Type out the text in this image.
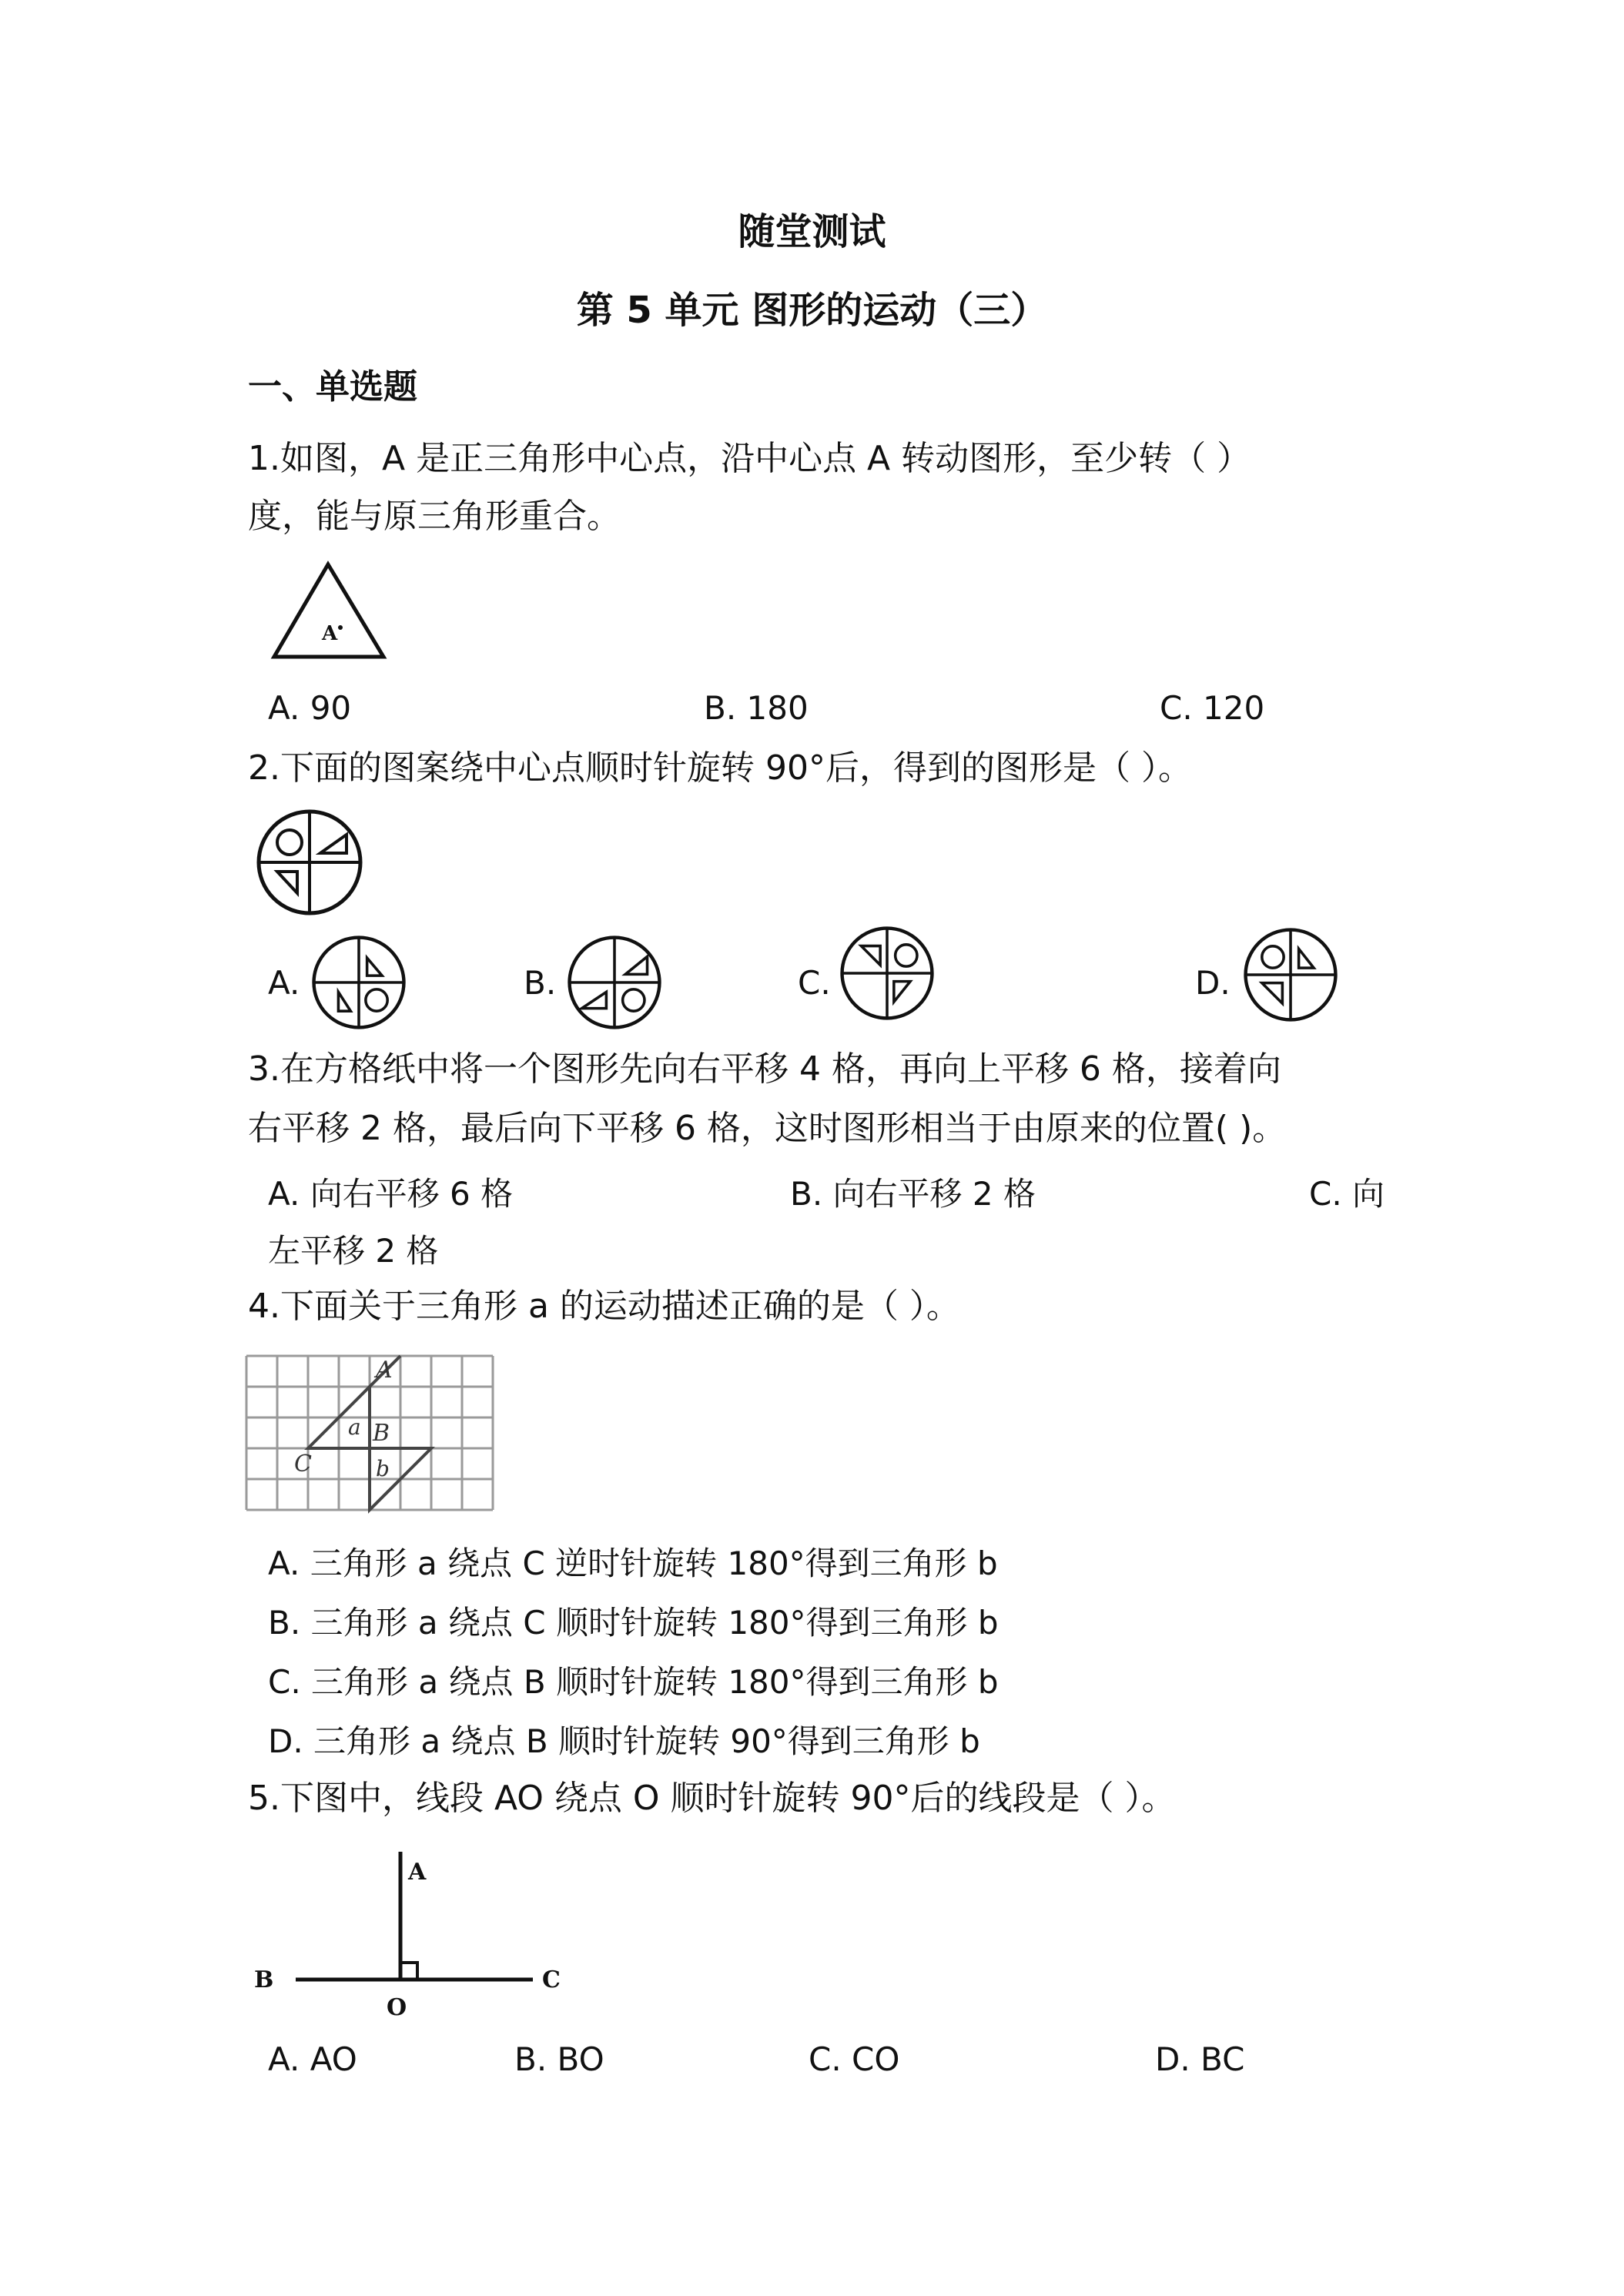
随堂测试
第 5 单元 图形的运动（三）
一、单选题
1.如图，A 是正三角形中心点，沿中心点 A 转动图形，至少转（ ）
度，能与原三角形重合。
A
A. 90	B. 180	C. 120
2.下面的图案绕中心点顺时针旋转 90°后，得到的图形是（ ）。
A.	B.	C.	D.
3.在方格纸中将一个图形先向右平移 4 格，再向上平移 6 格，接着向
右平移 2 格，最后向下平移 6 格，这时图形相当于由原来的位置( )。
A. 向右平移 6 格	B. 向右平移 2 格	C. 向
左平移 2 格
4.下面关于三角形 a 的运动描述正确的是（ ）。
A
a B
C	b
A. 三角形 a 绕点 C 逆时针旋转 180°得到三角形 b
B. 三角形 a 绕点 C 顺时针旋转 180°得到三角形 b
C. 三角形 a 绕点 B 顺时针旋转 180°得到三角形 b
D. 三角形 a 绕点 B 顺时针旋转 90°得到三角形 b
5.下图中，线段 AO 绕点 O 顺时针旋转 90°后的线段是（ ）。
A
B
O
C
A. AO	B. BO	C. CO	D. BC
